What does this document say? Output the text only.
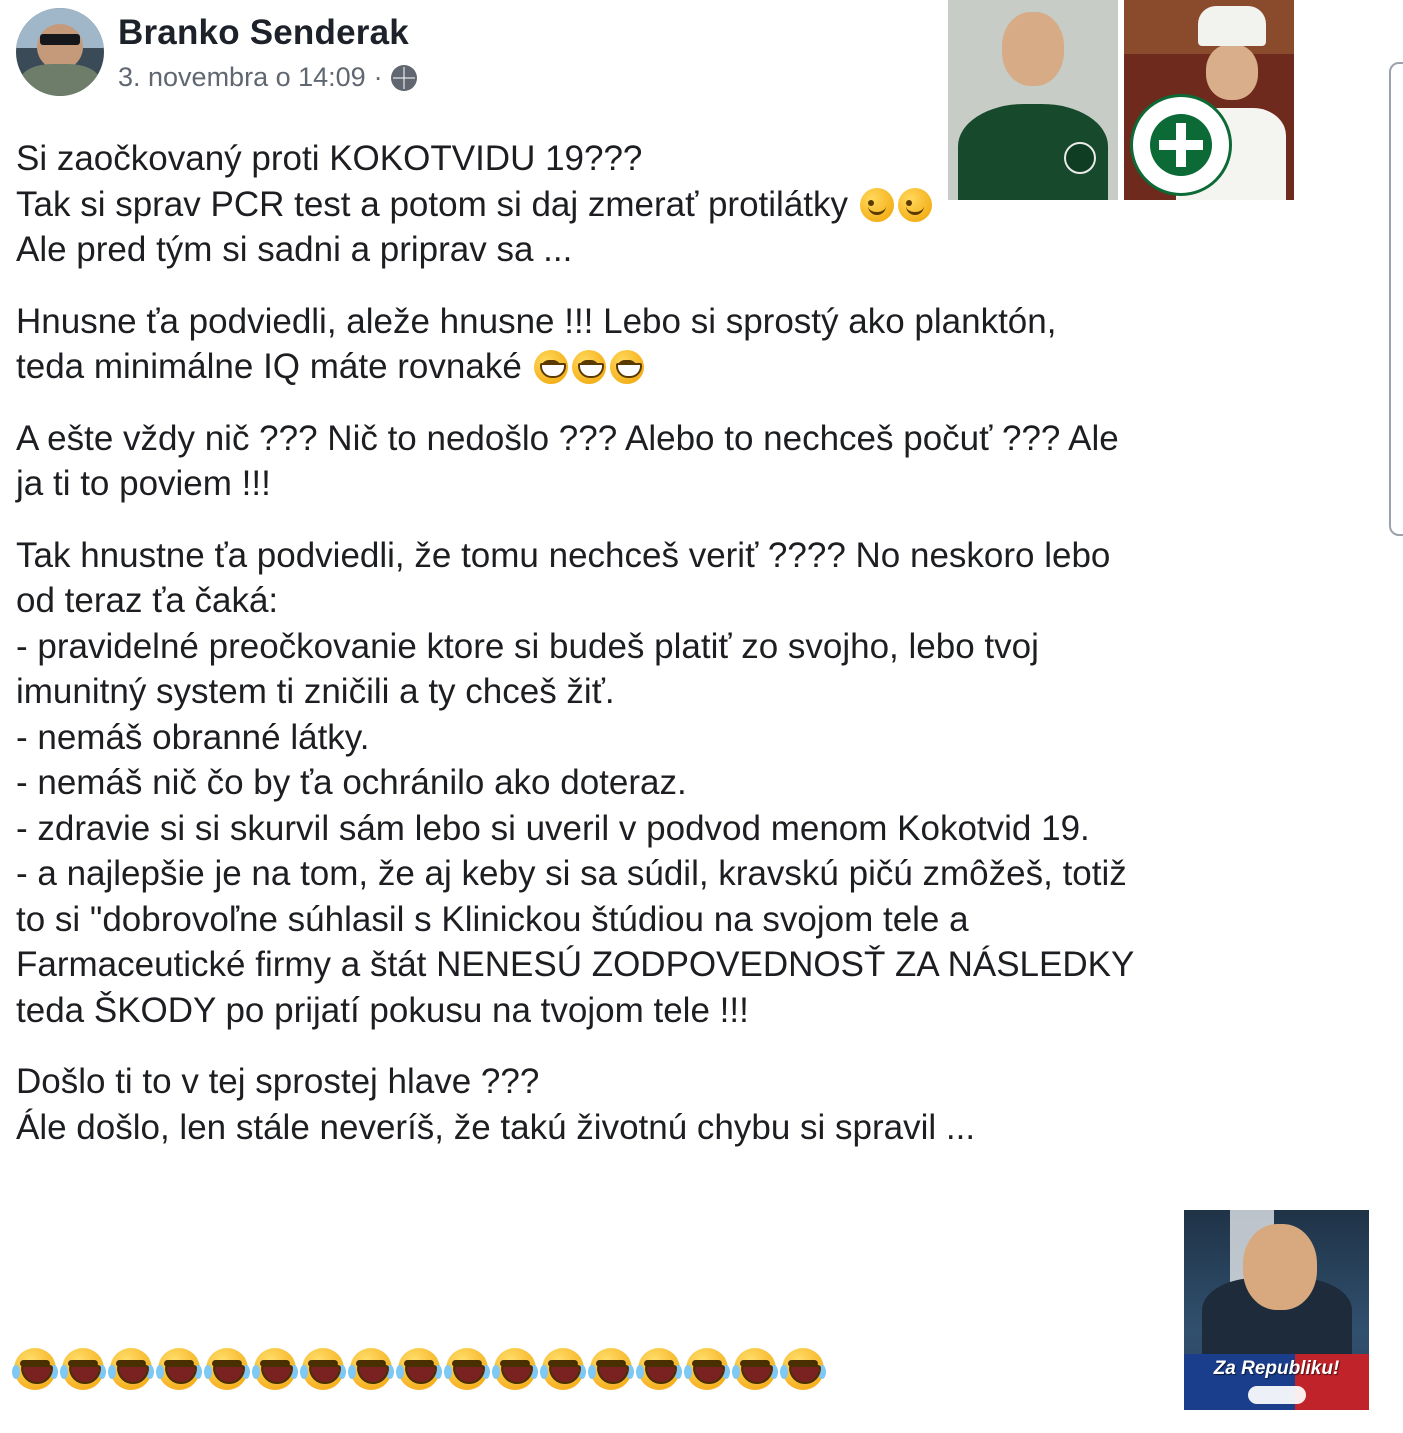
Branko Senderak
3. novembra o 14:09 ·

Si zaočkovaný proti KOKOTVIDU 19???
Tak si sprav PCR test a potom si daj zmerať protilátky
Ale pred tým si sadni a priprav sa ...

Hnusne ťa podviedli, aleže hnusne !!! Lebo si sprostý ako planktón,
teda minimálne IQ máte rovnaké

A ešte vždy nič ??? Nič to nedošlo ??? Alebo to nechceš počuť ??? Ale
ja ti to poviem !!!

Tak hnustne ťa podviedli, že tomu nechceš veriť ???? No neskoro lebo
od teraz ťa čaká:
- pravidelné preočkovanie ktore si budeš platiť zo svojho, lebo tvoj
imunitný system ti zničili a ty chceš žiť.
- nemáš obranné látky.
- nemáš nič čo by ťa ochránilo ako doteraz.
- zdravie si si skurvil sám lebo si uveril v podvod menom Kokotvid 19.
- a najlepšie je na tom, že aj keby si sa súdil, kravskú pičú zmôžeš, totiž
to si "dobrovoľne súhlasil s Klinickou štúdiou na svojom tele a
Farmaceutické firmy a štát NENESÚ ZODPOVEDNOSŤ ZA NÁSLEDKY
teda ŠKODY po prijatí pokusu na tvojom tele !!!

Došlo ti to v tej sprostej hlave ???
Ále došlo, len stále neveríš, že takú životnú chybu si spravil ...

Za Republiku!
